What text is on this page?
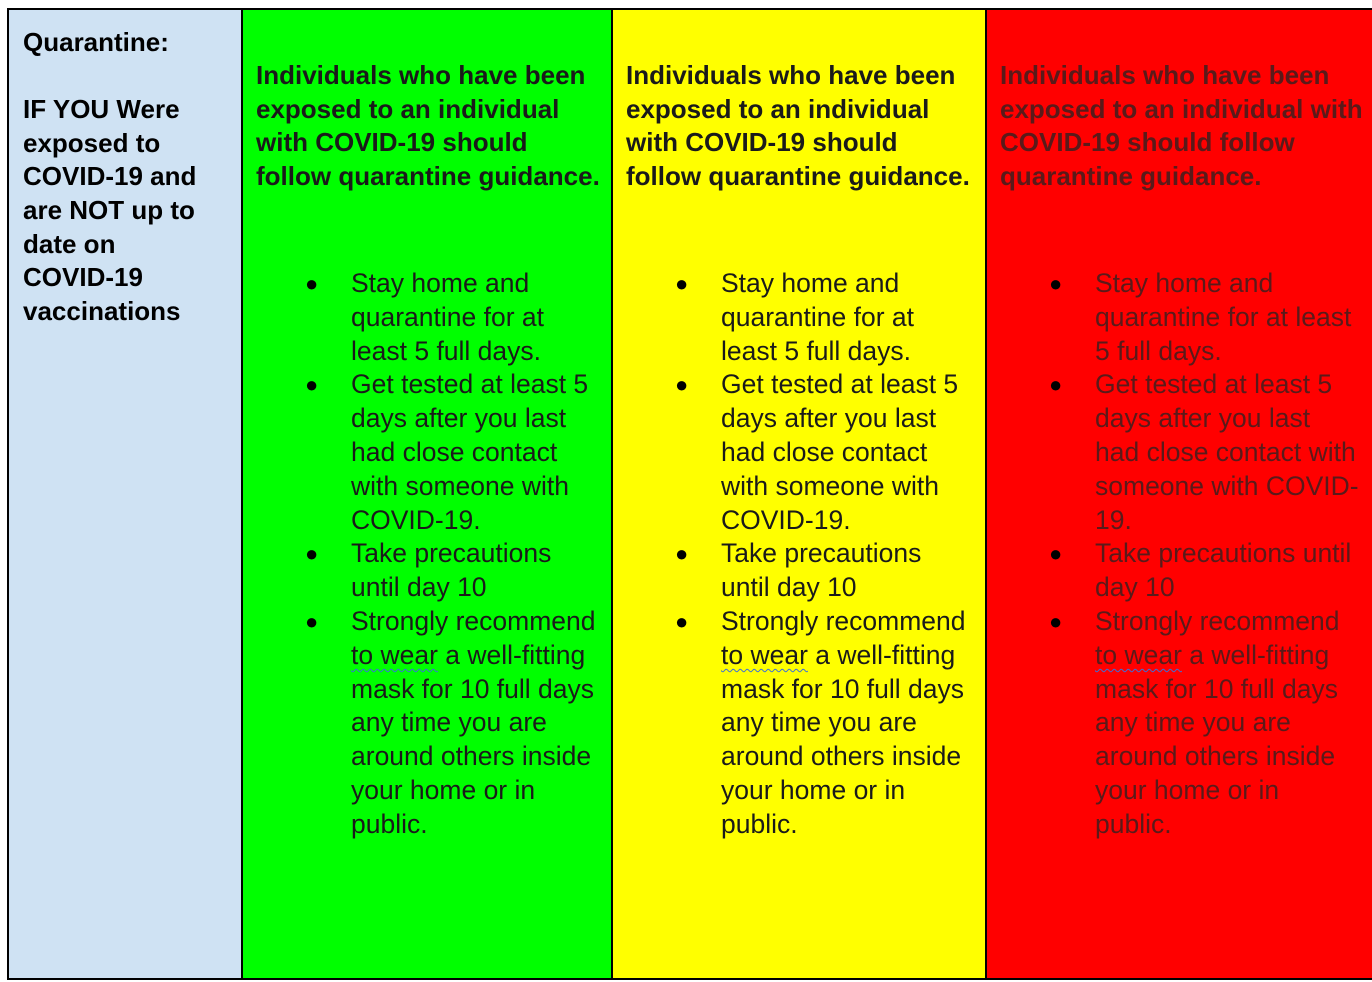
Quarantine:
IF YOU Were
exposed to
COVID-19 and
are NOT up to
date on
COVID-19
vaccinations
Individuals who have been exposed to an individual with COVID-19 should follow quarantine guidance.
● Stay home and quarantine for at least 5 full days.
● Get tested at least 5 days after you last had close contact with someone with COVID-19.
● Take precautions until day 10
● Strongly recommend to wear a well-fitting mask for 10 full days any time you are around others inside your home or in public.
Individuals who have been exposed to an individual with COVID-19 should follow quarantine guidance.
● Stay home and quarantine for at least 5 full days.
● Get tested at least 5 days after you last had close contact with someone with COVID-19.
● Take precautions until day 10
● Strongly recommend to wear a well-fitting mask for 10 full days any time you are around others inside your home or in public.
Individuals who have been exposed to an individual with COVID-19 should follow quarantine guidance.
● Stay home and quarantine for at least 5 full days.
● Get tested at least 5 days after you last had close contact with someone with COVID-19.
● Take precautions until day 10
● Strongly recommend to wear a well-fitting mask for 10 full days any time you are around others inside your home or in public.
